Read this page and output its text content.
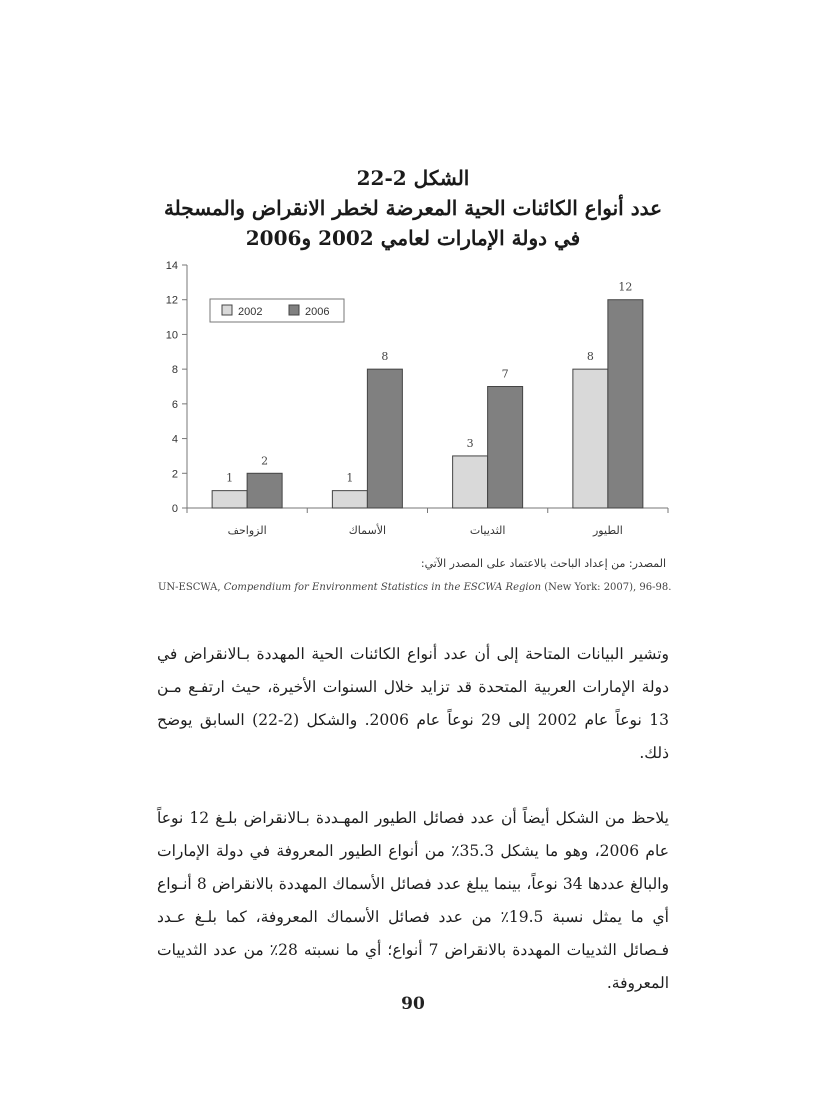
الشكل 2-22
عدد أنواع الكائنات الحية المعرضة لخطر الانقراض والمسجلة
في دولة الإمارات لعامي 2002 و2006
0
2
4
6
8
10
12
14
الزواحف
1
2
الأسماك
1
8
الثدييات
3
7
الطيور
8
12
2002	2006
المصدر: من إعداد الباحث بالاعتماد على المصدر الآتي:
UN-ESCWA, Compendium for Environment Statistics in the ESCWA Region (New York: 2007), 96-98.

وتشير البيانات المتاحة إلى أن عدد أنواع الكائنات الحية المهددة بـالانقراض في دولة الإمارات العربية المتحدة قد تزايد خلال السنوات الأخيرة، حيث ارتفـع مـن 13 نوعاً عام 2002 إلى 29 نوعاً عام 2006. والشكل (2-22) السابق يوضح ذلك.

يلاحظ من الشكل أيضاً أن عدد فصائل الطيور المهـددة بـالانقراض بلـغ 12 نوعاً عام 2006، وهو ما يشكل 35.3٪ من أنواع الطيور المعروفة في دولة الإمارات والبالغ عددها 34 نوعاً، بينما يبلغ عدد فصائل الأسماك المهددة بالانقراض 8 أنـواع أي ما يمثل نسبة 19.5٪ من عدد فصائل الأسماك المعروفة، كما بلـغ عـدد فـصائل الثدييات المهددة بالانقراض 7 أنواع؛ أي ما نسبته 28٪ من عدد الثدييات المعروفة.

90
